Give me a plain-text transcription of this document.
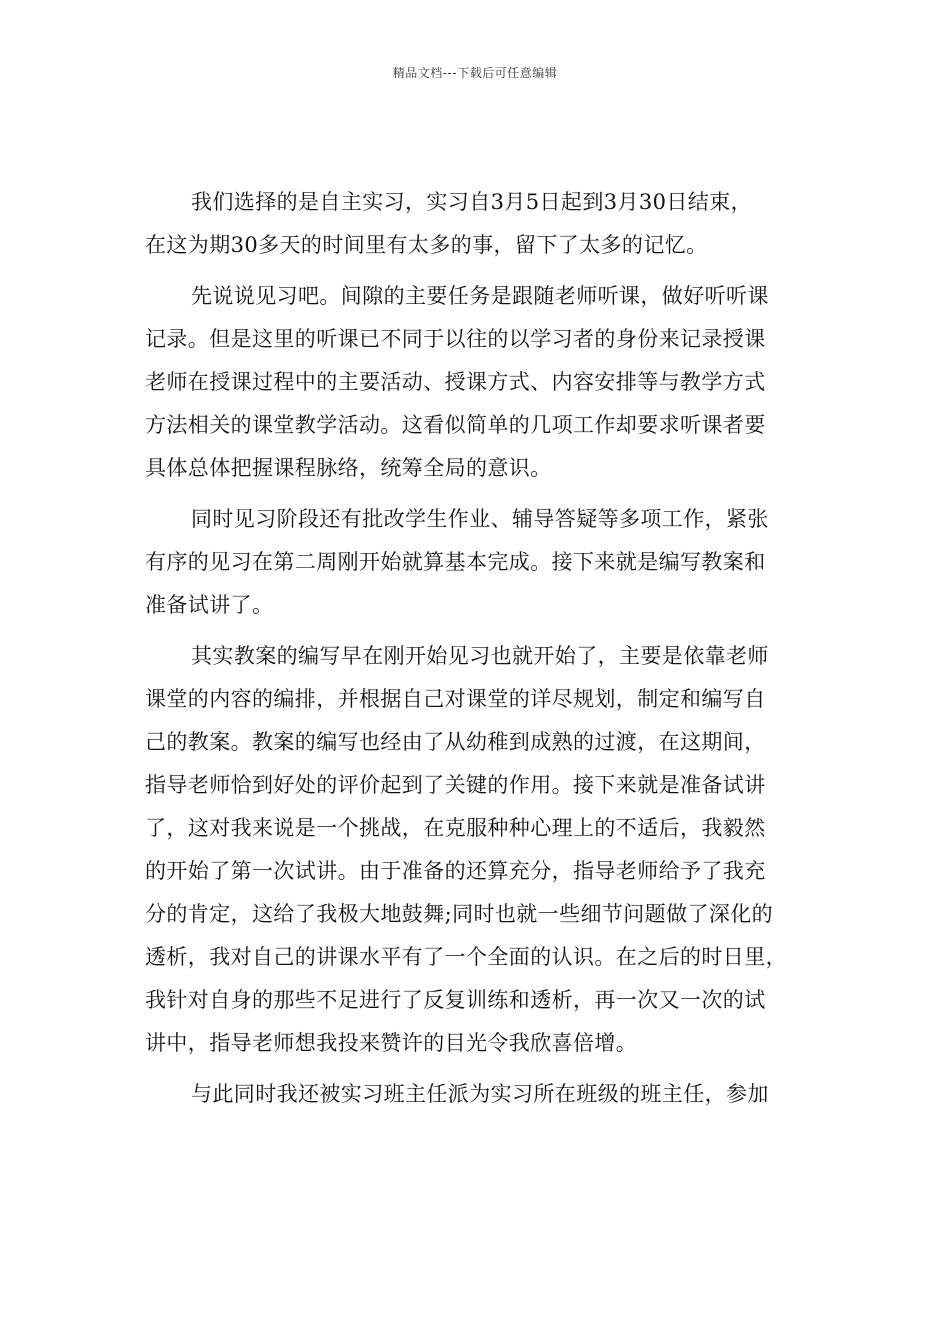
精品文档---下载后可任意编辑
我们选择的是自主实习，实习自3月5日起到3月30日结束，
在这为期30多天的时间里有太多的事，留下了太多的记忆。
先说说见习吧。间隙的主要任务是跟随老师听课，做好听听课
记录。但是这里的听课已不同于以往的以学习者的身份来记录授课
老师在授课过程中的主要活动、授课方式、内容安排等与教学方式
方法相关的课堂教学活动。这看似简单的几项工作却要求听课者要
具体总体把握课程脉络，统筹全局的意识。
同时见习阶段还有批改学生作业、辅导答疑等多项工作，紧张
有序的见习在第二周刚开始就算基本完成。接下来就是编写教案和
准备试讲了。
其实教案的编写早在刚开始见习也就开始了，主要是依靠老师
课堂的内容的编排，并根据自己对课堂的详尽规划，制定和编写自
己的教案。教案的编写也经由了从幼稚到成熟的过渡，在这期间，
指导老师恰到好处的评价起到了关键的作用。接下来就是准备试讲
了，这对我来说是一个挑战，在克服种种心理上的不适后，我毅然
的开始了第一次试讲。由于准备的还算充分，指导老师给予了我充
分的肯定，这给了我极大地鼓舞;同时也就一些细节问题做了深化的
透析，我对自己的讲课水平有了一个全面的认识。在之后的时日里，
我针对自身的那些不足进行了反复训练和透析，再一次又一次的试
讲中，指导老师想我投来赞许的目光令我欣喜倍增。
与此同时我还被实习班主任派为实习所在班级的班主任，参加
